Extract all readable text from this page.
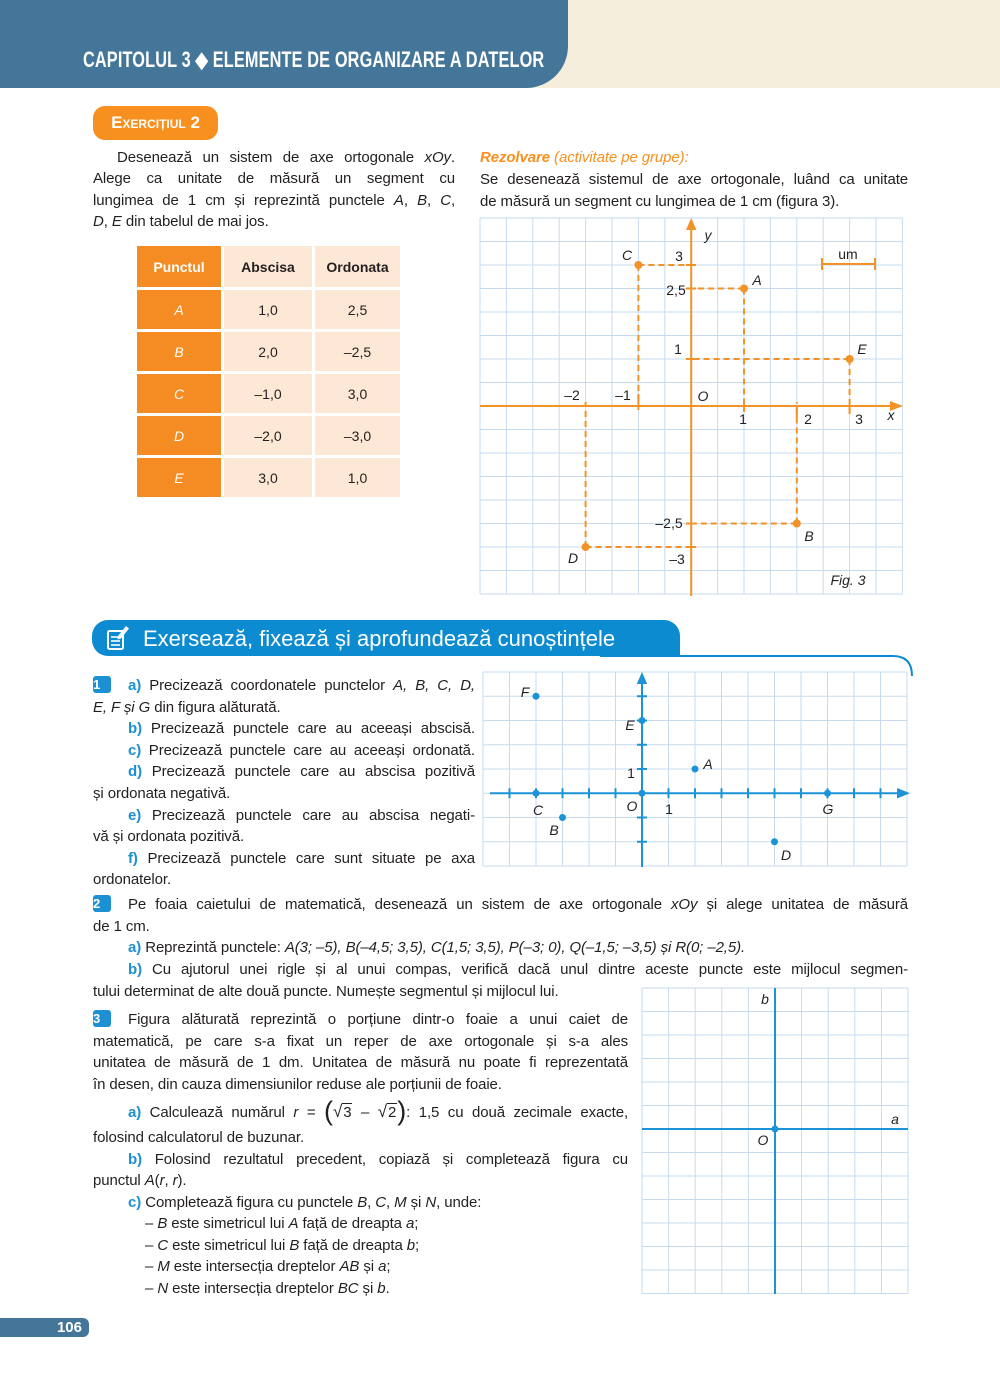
CAPITOLUL 3 ◆ ELEMENTE DE ORGANIZARE A DATELOR
Exercițiul 2
Desenează un sistem de axe ortogonale xOy.
Alege ca unitate de măsură un segment cu
lungimea de 1 cm și reprezintă punctele A, B, C,
D, E din tabelul de mai jos.
Punctul	Abscisa	Ordonata
A	1,0	2,5
B	2,0	–2,5
C	–1,0	3,0
D	–2,0	–3,0
E	3,0	1,0
Rezolvare (activitate pe grupe):
Se desenează sistemul de axe ortogonale, luând ca unitate
de măsură un segment cu lungimea de 1 cm (figura 3).
um
y
x
O
–2	–1
1	2	3
3
2,5
1
–2,5
–3
A
B
C
D
E
Fig. 3
Exersează, fixează și aprofundează cunoștințele
1 a) Precizează coordonatele punctelor A, B, C, D,
E, F și G din figura alăturată.
b) Precizează punctele care au aceeași abscisă.
c) Precizează punctele care au aceeași ordonată.
d) Precizează punctele care au abscisa pozitivă
și ordonata negativă.
e) Precizează punctele care au abscisa negati-
vă și ordonata pozitivă.
f) Precizează punctele care sunt situate pe axa
ordonatelor.
O 1
1
A
B
C
D
E
F
G
2 Pe foaia caietului de matematică, desenează un sistem de axe ortogonale xOy și alege unitatea de măsură
de 1 cm.
a) Reprezintă punctele: A(3; –5), B(–4,5; 3,5), C(1,5; 3,5), P(–3; 0), Q(–1,5; –3,5) și R(0; –2,5).
b) Cu ajutorul unei rigle și al unui compas, verifică dacă unul dintre aceste puncte este mijlocul segmen-
tului determinat de alte două puncte. Numește segmentul și mijlocul lui.
3 Figura alăturată reprezintă o porțiune dintr-o foaie a unui caiet de
matematică, pe care s-a fixat un reper de axe ortogonale și s-a ales
unitatea de măsură de 1 dm. Unitatea de măsură nu poate fi reprezentată
în desen, din cauza dimensiunilor reduse ale porțiunii de foaie.
a) Calculează numărul r = (√3 – √2): 1,5 cu două zecimale exacte,
folosind calculatorul de buzunar.
b) Folosind rezultatul precedent, copiază și completează figura cu
punctul A(r, r).
c) Completează figura cu punctele B, C, M și N, unde:
– B este simetricul lui A față de dreapta a;
– C este simetricul lui B față de dreapta b;
– M este intersecția dreptelor AB și a;
– N este intersecția dreptelor BC și b.
b
a
O
106
